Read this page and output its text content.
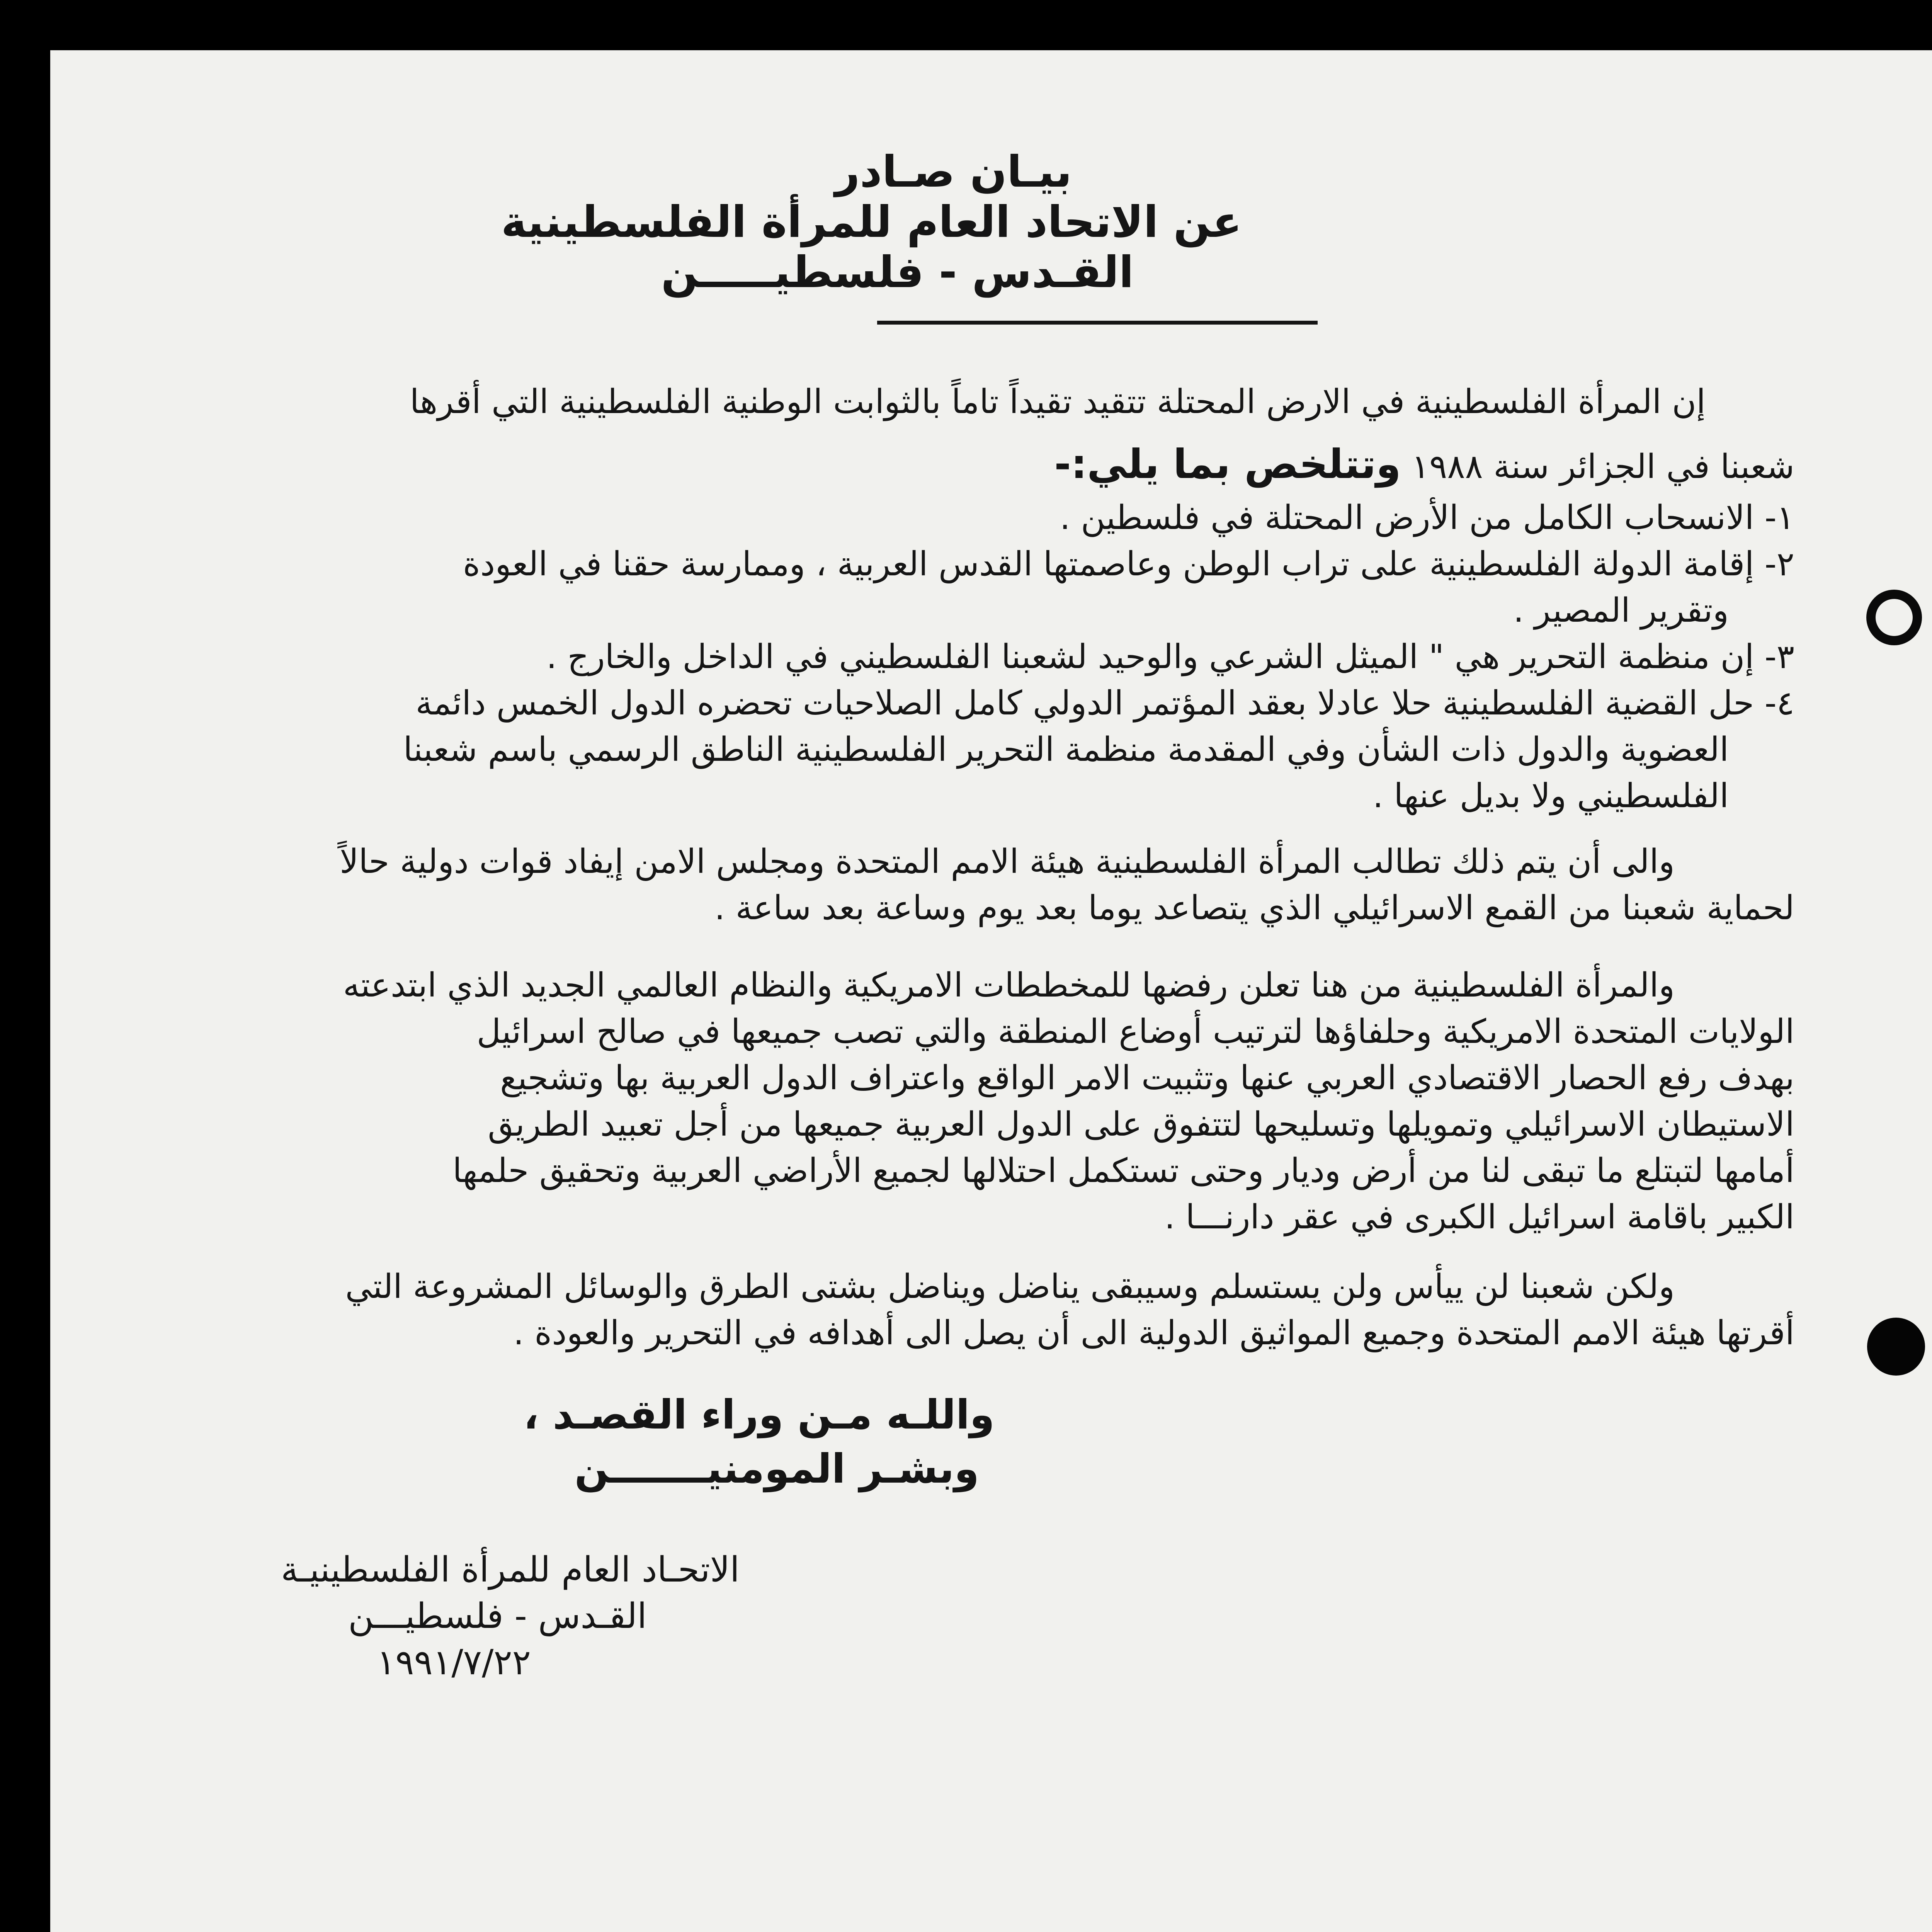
بيـان صـادر
عن الاتحاد العام للمرأة الفلسطينية
القـدس - فلسطيـــــن
إن المرأة الفلسطينية في الارض المحتلة تتقيد تقيداً تاماً بالثوابت الوطنية الفلسطينية التي أقرها
شعبنا في الجزائر سنة ١٩٨٨ وتتلخص بما يلي:-
١- الانسحاب الكامل من الأرض المحتلة في فلسطين .
٢- إقامة الدولة الفلسطينية على تراب الوطن وعاصمتها القدس العربية ، وممارسة حقنا في العودة
وتقرير المصير .
٣- إن منظمة التحرير هي " الميثل الشرعي والوحيد لشعبنا الفلسطيني في الداخل والخارج .
٤- حل القضية الفلسطينية حلا عادلا بعقد المؤتمر الدولي كامل الصلاحيات تحضره الدول الخمس دائمة
العضوية والدول ذات الشأن وفي المقدمة منظمة التحرير الفلسطينية الناطق الرسمي باسم شعبنا
الفلسطيني ولا بديل عنها .
والى أن يتم ذلك تطالب المرأة الفلسطينية هيئة الامم المتحدة ومجلس الامن إيفاد قوات دولية حالاً
لحماية شعبنا من القمع الاسرائيلي الذي يتصاعد يوما بعد يوم وساعة بعد ساعة .
والمرأة الفلسطينية من هنا تعلن رفضها للمخططات الامريكية والنظام العالمي الجديد الذي ابتدعته
الولايات المتحدة الامريكية وحلفاؤها لترتيب أوضاع المنطقة والتي تصب جميعها في صالح اسرائيل
بهدف رفع الحصار الاقتصادي العربي عنها وتثبيت الامر الواقع واعتراف الدول العربية بها وتشجيع
الاستيطان الاسرائيلي وتمويلها وتسليحها لتتفوق على الدول العربية جميعها من أجل تعبيد الطريق
أمامها لتبتلع ما تبقى لنا من أرض وديار وحتى تستكمل احتلالها لجميع الأراضي العربية وتحقيق حلمها
الكبير باقامة اسرائيل الكبرى في عقر دارنـــا .
ولكن شعبنا لن ييأس ولن يستسلم وسيبقى يناضل ويناضل بشتى الطرق والوسائل المشروعة التي
أقرتها هيئة الامم المتحدة وجميع المواثيق الدولية الى أن يصل الى أهدافه في التحرير والعودة .
واللـه مـن وراء القصـد ،
وبشـر المومنيـــــــن
الاتحـاد العام للمرأة الفلسطينيـة
القـدس - فلسطيـــن
١٩٩١/٧/٢٢
